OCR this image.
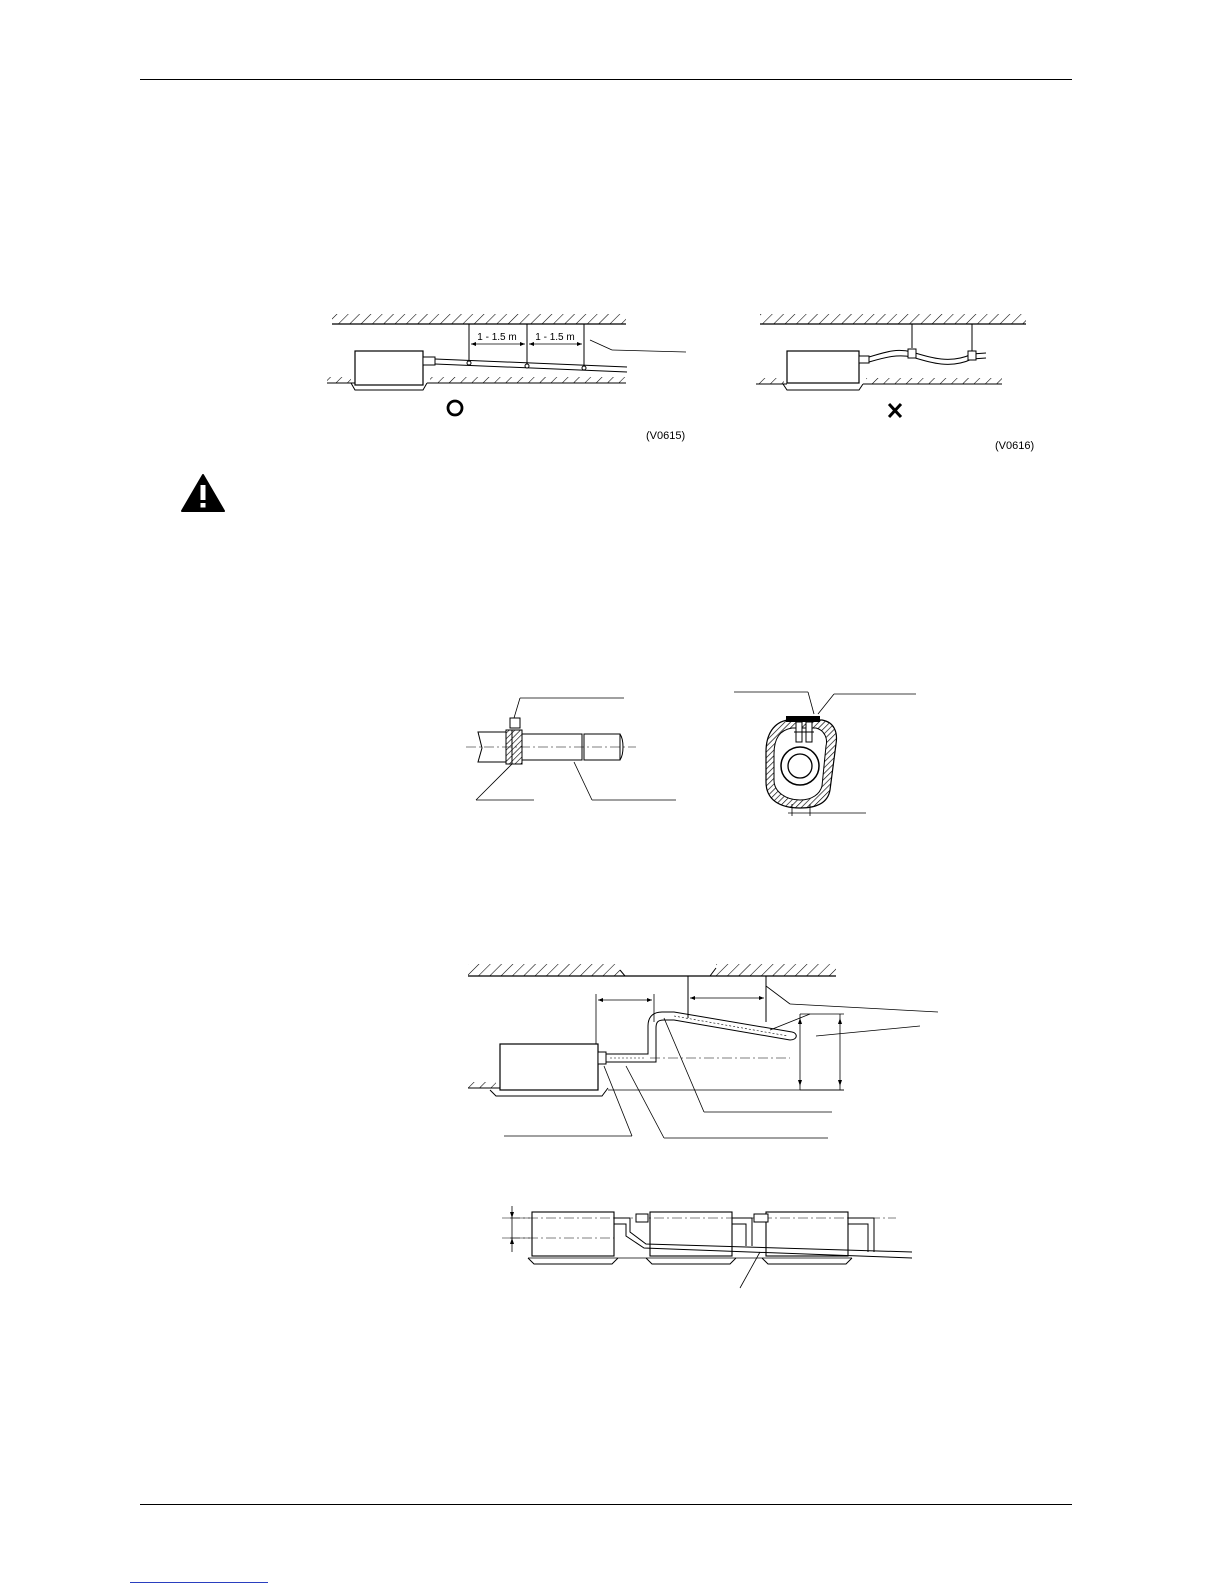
1 - 1.5 m 1 - 1.5 m
(V0615)
(V0616)
